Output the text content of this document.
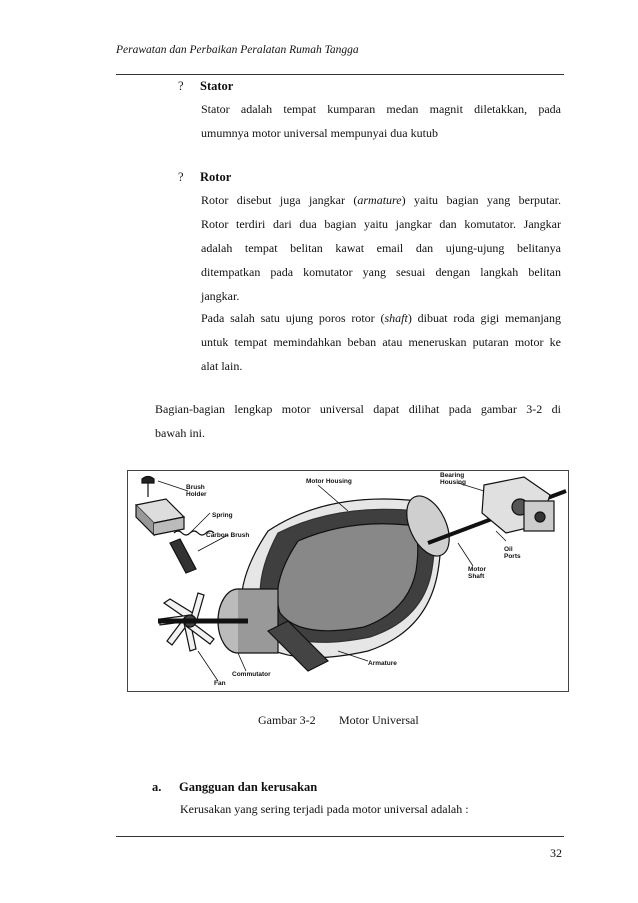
Perawatan dan Perbaikan Peralatan Rumah Tangga
? Stator
Stator adalah tempat kumparan medan magnit diletakkan, pada
umumnya motor universal mempunyai dua kutub
? Rotor
Rotor disebut juga jangkar (armature) yaitu bagian yang berputar.
Rotor terdiri dari dua bagian yaitu jangkar dan komutator. Jangkar
adalah tempat belitan kawat email dan ujung-ujung belitanya
ditempatkan pada komutator yang sesuai dengan langkah belitan
jangkar.
Pada salah satu ujung poros rotor (shaft) dibuat roda gigi memanjang
untuk tempat memindahkan beban atau meneruskan putaran motor ke
alat lain.
Bagian-bagian lengkap motor universal dapat dilihat pada gambar 3-2 di
bawah ini.
Brush
Holder
Spring
Carbon Brush
Motor Housing
Bearing
Housing
Oil
Ports
Motor
Shaft
Armature
Commutator
Fan
Gambar 3-2 Motor Universal
a. Gangguan dan kerusakan
Kerusakan yang sering terjadi pada motor universal adalah :
32
